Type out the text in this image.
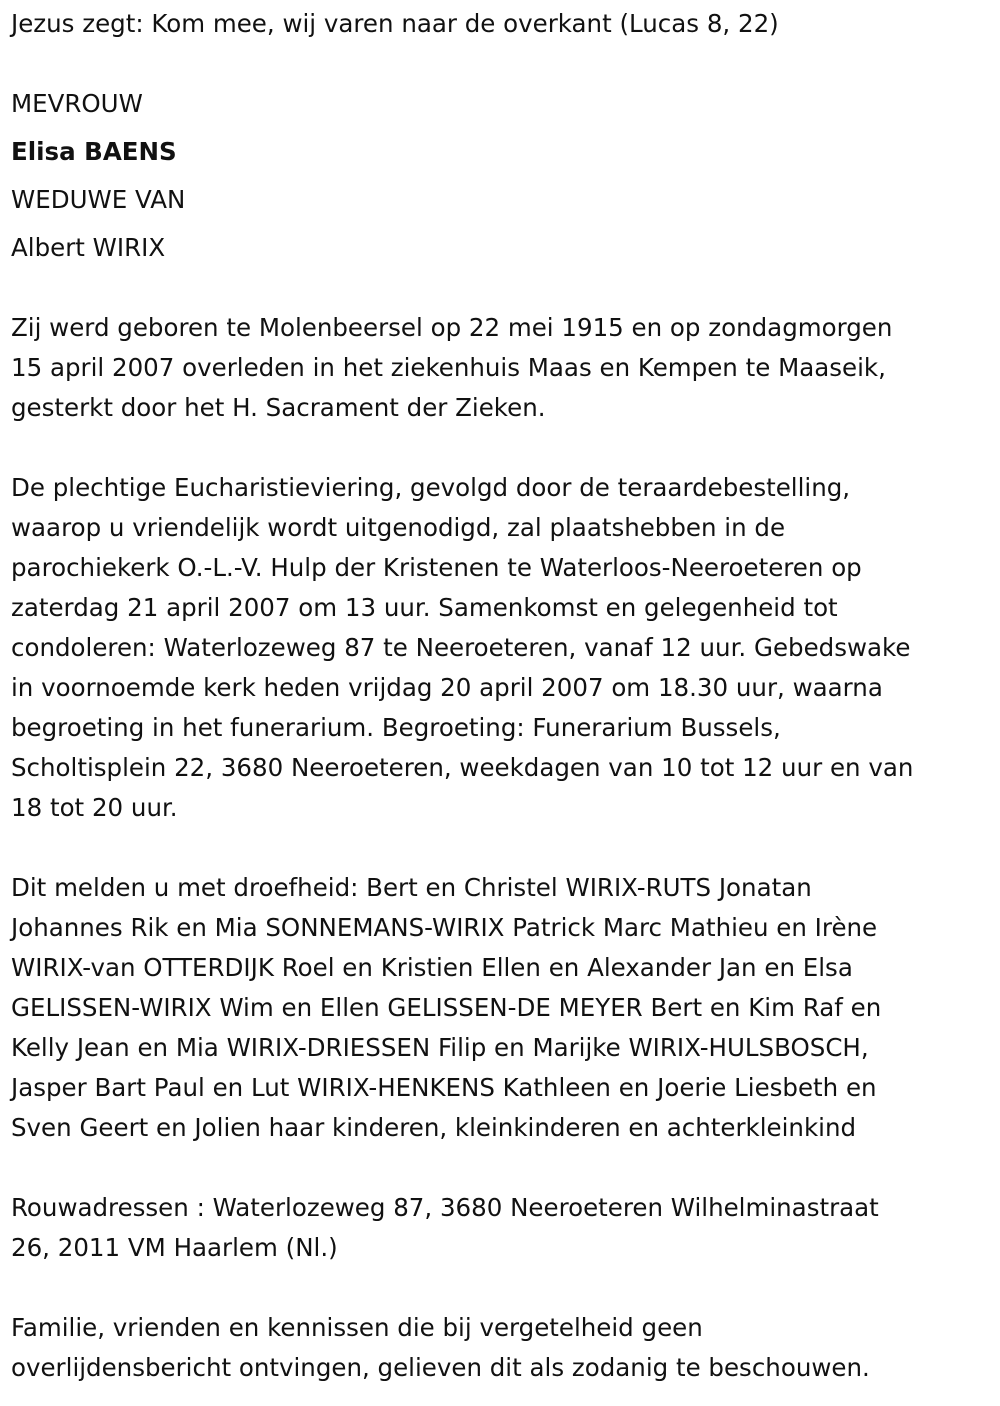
Jezus zegt: Kom mee, wij varen naar de overkant (Lucas 8, 22)

MEVROUW

Elisa BAENS

WEDUWE VAN

Albert WIRIX

Zij werd geboren te Molenbeersel op 22 mei 1915 en op zondagmorgen

15 april 2007 overleden in het ziekenhuis Maas en Kempen te Maaseik,

gesterkt door het H. Sacrament der Zieken.

De plechtige Eucharistieviering, gevolgd door de teraardebestelling,

waarop u vriendelijk wordt uitgenodigd, zal plaatshebben in de

parochiekerk O.-L.-V. Hulp der Kristenen te Waterloos-Neeroeteren op

zaterdag 21 april 2007 om 13 uur. Samenkomst en gelegenheid tot

condoleren: Waterlozeweg 87 te Neeroeteren, vanaf 12 uur. Gebedswake

in voornoemde kerk heden vrijdag 20 april 2007 om 18.30 uur, waarna

begroeting in het funerarium. Begroeting: Funerarium Bussels,

Scholtisplein 22, 3680 Neeroeteren, weekdagen van 10 tot 12 uur en van

18 tot 20 uur.

Dit melden u met droefheid: Bert en Christel WIRIX-RUTS Jonatan

Johannes Rik en Mia SONNEMANS-WIRIX Patrick Marc Mathieu en Irène

WIRIX-van OTTERDIJK Roel en Kristien Ellen en Alexander Jan en Elsa

GELISSEN-WIRIX Wim en Ellen GELISSEN-DE MEYER Bert en Kim Raf en

Kelly Jean en Mia WIRIX-DRIESSEN Filip en Marijke WIRIX-HULSBOSCH,

Jasper Bart Paul en Lut WIRIX-HENKENS Kathleen en Joerie Liesbeth en

Sven Geert en Jolien haar kinderen, kleinkinderen en achterkleinkind

Rouwadressen : Waterlozeweg 87, 3680 Neeroeteren Wilhelminastraat

26, 2011 VM Haarlem (Nl.)

Familie, vrienden en kennissen die bij vergetelheid geen

overlijdensbericht ontvingen, gelieven dit als zodanig te beschouwen.
